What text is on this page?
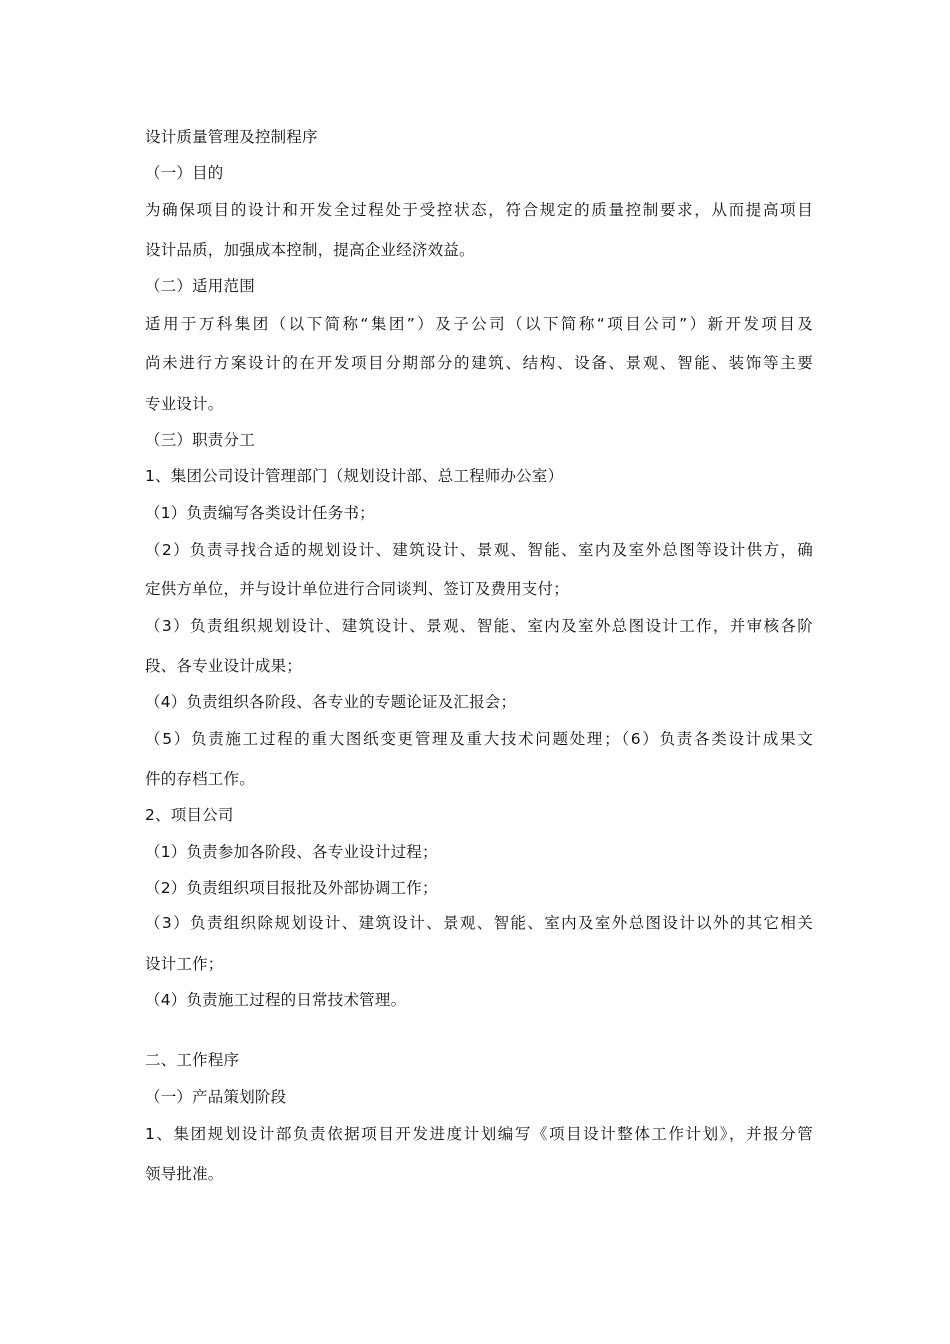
设计质量管理及控制程序
（一）目的
为确保项目的设计和开发全过程处于受控状态，符合规定的质量控制要求，从而提高项目
设计品质，加强成本控制，提高企业经济效益。
（二）适用范围
适用于万科集团（以下简称“集团”）及子公司（以下简称“项目公司”）新开发项目及
尚未进行方案设计的在开发项目分期部分的建筑、结构、设备、景观、智能、装饰等主要
专业设计。
（三）职责分工
1、集团公司设计管理部门（规划设计部、总工程师办公室）
（1）负责编写各类设计任务书；
（2）负责寻找合适的规划设计、建筑设计、景观、智能、室内及室外总图等设计供方，确
定供方单位，并与设计单位进行合同谈判、签订及费用支付；
（3）负责组织规划设计、建筑设计、景观、智能、室内及室外总图设计工作，并审核各阶
段、各专业设计成果；
（4）负责组织各阶段、各专业的专题论证及汇报会；
（5）负责施工过程的重大图纸变更管理及重大技术问题处理；（6）负责各类设计成果文
件的存档工作。
2、项目公司
（1）负责参加各阶段、各专业设计过程；
（2）负责组织项目报批及外部协调工作；
（3）负责组织除规划设计、建筑设计、景观、智能、室内及室外总图设计以外的其它相关
设计工作；
（4）负责施工过程的日常技术管理。
二、工作程序
（一）产品策划阶段
1、集团规划设计部负责依据项目开发进度计划编写《项目设计整体工作计划》，并报分管
领导批准。
